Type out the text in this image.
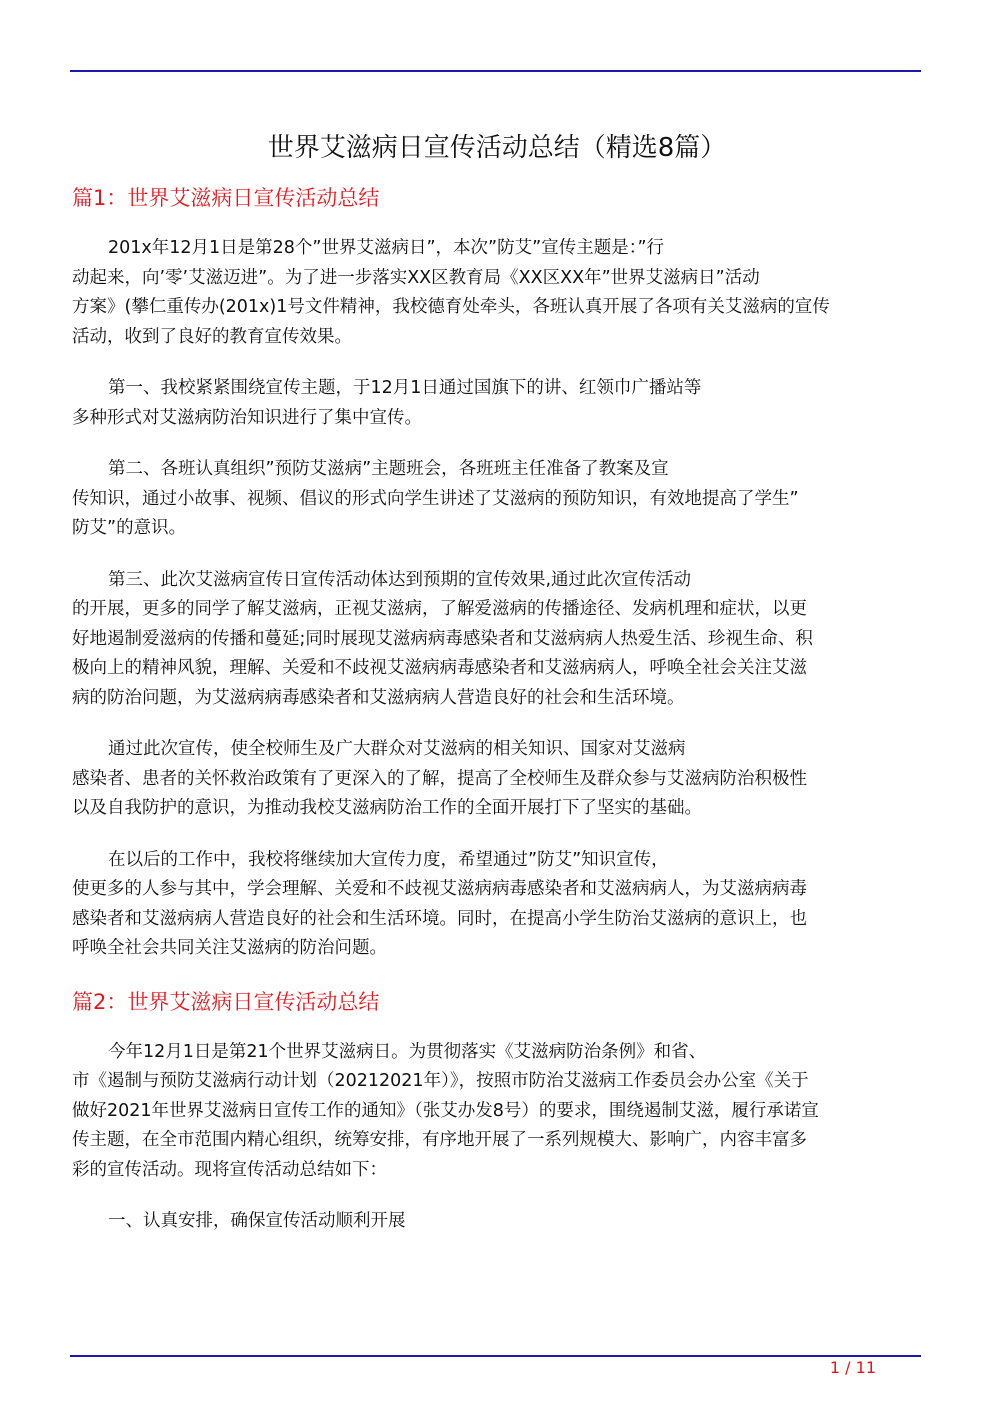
世界艾滋病日宣传活动总结（精选8篇）
篇1：世界艾滋病日宣传活动总结

201x年12月1日是第28个”世界艾滋病日”，本次”防艾”宣传主题是：”行
动起来，向’零’艾滋迈进”。为了进一步落实XX区教育局《XX区XX年”世界艾滋病日”活动
方案》(攀仁重传办(201x)1号文件精神，我校德育处牵头，各班认真开展了各项有关艾滋病的宣传
活动，收到了良好的教育宣传效果。

第一、我校紧紧围绕宣传主题，于12月1日通过国旗下的讲、红领巾广播站等
多种形式对艾滋病防治知识进行了集中宣传。

第二、各班认真组织”预防艾滋病”主题班会，各班班主任准备了教案及宣
传知识，通过小故事、视频、倡议的形式向学生讲述了艾滋病的预防知识，有效地提高了学生”
防艾”的意识。

第三、此次艾滋病宣传日宣传活动体达到预期的宣传效果,通过此次宣传活动
的开展，更多的同学了解艾滋病，正视艾滋病，了解爱滋病的传播途径、发病机理和症状，以更
好地遏制爱滋病的传播和蔓延;同时展现艾滋病病毒感染者和艾滋病病人热爱生活、珍视生命、积
极向上的精神风貌，理解、关爱和不歧视艾滋病病毒感染者和艾滋病病人，呼唤全社会关注艾滋
病的防治问题，为艾滋病病毒感染者和艾滋病病人营造良好的社会和生活环境。

通过此次宣传，使全校师生及广大群众对艾滋病的相关知识、国家对艾滋病
感染者、患者的关怀救治政策有了更深入的了解，提高了全校师生及群众参与艾滋病防治积极性
以及自我防护的意识，为推动我校艾滋病防治工作的全面开展打下了坚实的基础。

在以后的工作中，我校将继续加大宣传力度，希望通过”防艾”知识宣传，
使更多的人参与其中，学会理解、关爱和不歧视艾滋病病毒感染者和艾滋病病人，为艾滋病病毒
感染者和艾滋病病人营造良好的社会和生活环境。同时，在提高小学生防治艾滋病的意识上，也
呼唤全社会共同关注艾滋病的防治问题。

篇2：世界艾滋病日宣传活动总结

今年12月1日是第21个世界艾滋病日。为贯彻落实《艾滋病防治条例》和省、
市《遏制与预防艾滋病行动计划（20212021年）》，按照市防治艾滋病工作委员会办公室《关于
做好2021年世界艾滋病日宣传工作的通知》（张艾办发8号）的要求，围绕遏制艾滋，履行承诺宣
传主题，在全市范围内精心组织，统筹安排，有序地开展了一系列规模大、影响广，内容丰富多
彩的宣传活动。现将宣传活动总结如下：

一、认真安排，确保宣传活动顺利开展

1 / 11
